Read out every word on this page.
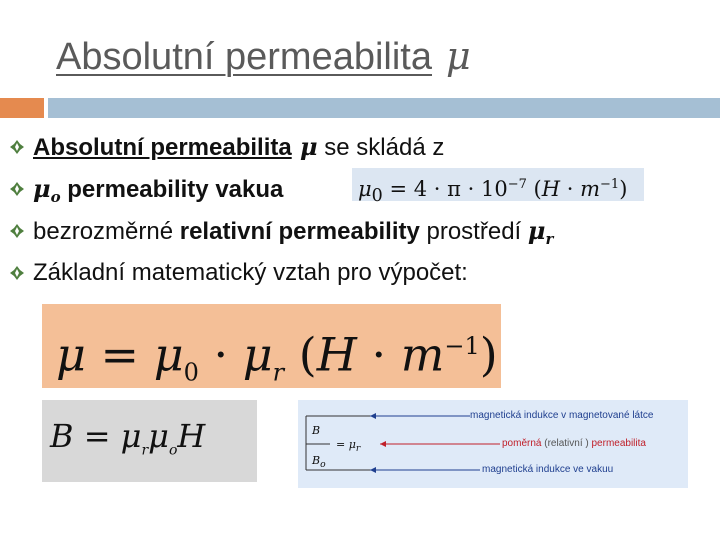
Absolutní permeabilita μ
Absolutní permeabilita μ se skládá z
$\mu_o$ permeability vakua
bezrozměrné relativní permeability prostředí $\mu_r$
Základní matematický vztah pro výpočet:
$\mu_0 = 4 \cdot \pi \cdot 10^{-7}$ $(H \cdot m^{-1})$
$\mu = \mu_0 \cdot \mu_r$ $(H \cdot m^{-1})$
$B = \mu_r\mu_oH$	B
= $\mu_r$
$B_o$
magnetická indukce v magnetované látce
poměrná (relativní ) permeabilita
magnetická indukce ve vakuu
